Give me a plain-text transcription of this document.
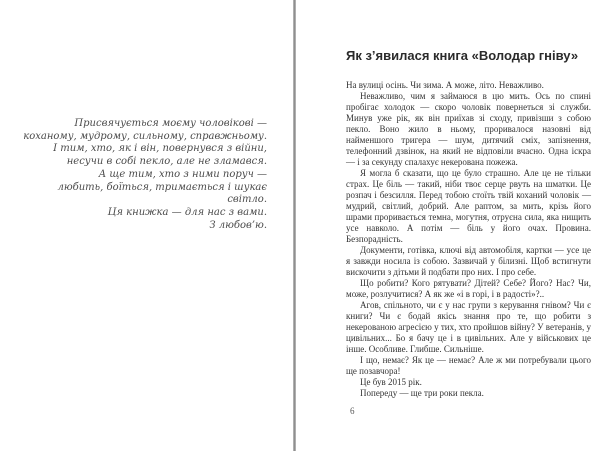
Присвячується моєму чоловікові —
коханому, мудрому, сильному, справжньому.
І тим, хто, як і він, повернувся з війни,
несучи в собі пекло, але не зламався.
А ще тим, хто з ними поруч —
любить, боїться, тримається і шукає світло.
Ця книжка — для нас з вами.
З любов’ю.
Як з’явилася книга «Володар гніву»

На вулиці осінь. Чи зима. А може, літо. Неважливо.

Неважливо, чим я займаюся в цю мить. Ось по спині пробігає холодок — скоро чоловік повернеться зі служби. Минув уже рік, як він приїхав зі сходу, привізши з собою пекло. Воно жило в ньому, проривалося назовні від найменшого тригера — шум, дитячий сміх, запізнення, телефонний дзвінок, на який не відповіли вчасно. Одна іскра — і за секунду спалахує некерована пожежа.

Я могла б сказати, що це було страшно. Але це не тільки страх. Це біль — такий, ніби твоє серце рвуть на шматки. Це розпач і безсилля. Перед тобою стоїть твій коханий чоловік — мудрий, світлий, добрий. Але раптом, за мить, крізь його шрами проривається темна, могутня, отруєна сила, яка нищить усе навколо. А потім — біль у його очах. Провина. Безпорадність.

Документи, готівка, ключі від автомобіля, картки — усе це я завжди носила із собою. Зазвичай у білизні. Щоб встигнути вискочити з дітьми й подбати про них. І про себе.

Що робити? Кого рятувати? Дітей? Себе? Його? Нас? Чи, може, розлучитися? А як же «і в горі, і в радості»?..

Агов, спільното, чи є у нас групи з керування гнівом? Чи є книги? Чи є бодай якісь знання про те, що робити з некерованою агресією у тих, хто пройшов війну? У ветеранів, у цивільних... Бо я бачу це і в цивільних. Але у військових це інше. Особливе. Глибше. Сильніше.

І що, немає? Як це — немає? Але ж ми потребували цього ще позавчора!

Це був 2015 рік.

Попереду — ще три роки пекла.

6
